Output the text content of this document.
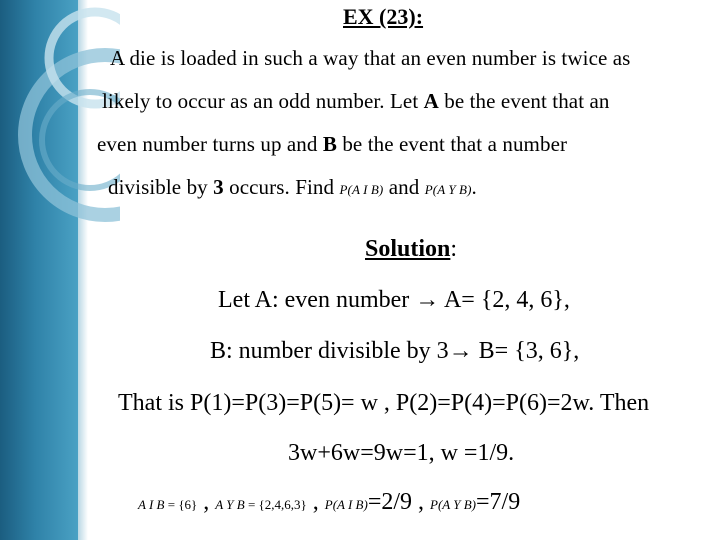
EX (23):
A die is loaded in such a way that an even number is twice as
likely to occur as an odd number. Let A be the event that an
even number turns up and B be the event that a number
divisible by 3 occurs. Find P(A I B) and P(A Y B).
Solution:
Let A: even number → A= {2, 4, 6},
B: number divisible by 3→ B= {3, 6},
That is P(1)=P(3)=P(5)= w , P(2)=P(4)=P(6)=2w. Then
3w+6w=9w=1, w =1/9.
A I B = {6} , A Y B = {2,4,6,3} , P(A I B)=2/9 , P(A Y B)=7/9
